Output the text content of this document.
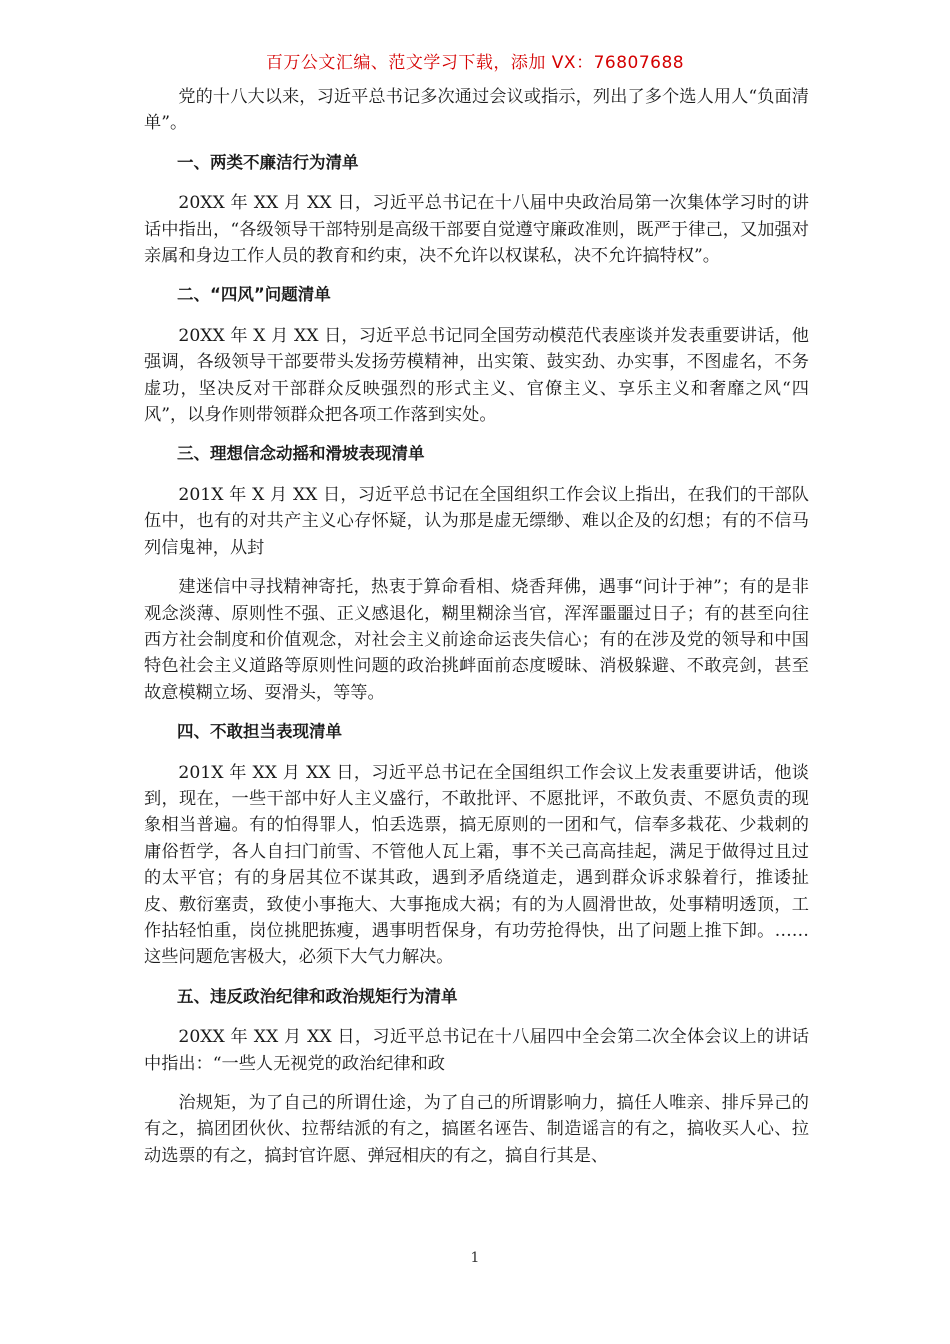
百万公文汇编、范文学习下载，添加 VX：76807688

党的十八大以来，习近平总书记多次通过会议或指示，列出了多个选人用人“负面清单”。

一、两类不廉洁行为清单

20XX 年 XX 月 XX 日，习近平总书记在十八届中央政治局第一次集体学习时的讲话中指出，“各级领导干部特别是高级干部要自觉遵守廉政准则，既严于律己，又加强对亲属和身边工作人员的教育和约束，决不允许以权谋私，决不允许搞特权”。

二、“四风”问题清单

20XX 年 X 月 XX 日，习近平总书记同全国劳动模范代表座谈并发表重要讲话，他强调，各级领导干部要带头发扬劳模精神，出实策、鼓实劲、办实事，不图虚名，不务虚功，坚决反对干部群众反映强烈的形式主义、官僚主义、享乐主义和奢靡之风“四风”，以身作则带领群众把各项工作落到实处。

三、理想信念动摇和滑坡表现清单

201X 年 X 月 XX 日，习近平总书记在全国组织工作会议上指出，在我们的干部队伍中，也有的对共产主义心存怀疑，认为那是虚无缥缈、难以企及的幻想；有的不信马列信鬼神，从封

建迷信中寻找精神寄托，热衷于算命看相、烧香拜佛，遇事“问计于神”；有的是非观念淡薄、原则性不强、正义感退化，糊里糊涂当官，浑浑噩噩过日子；有的甚至向往西方社会制度和价值观念，对社会主义前途命运丧失信心；有的在涉及党的领导和中国特色社会主义道路等原则性问题的政治挑衅面前态度暧昧、消极躲避、不敢亮剑，甚至故意模糊立场、耍滑头，等等。

四、不敢担当表现清单

201X 年 XX 月 XX 日，习近平总书记在全国组织工作会议上发表重要讲话，他谈到，现在，一些干部中好人主义盛行，不敢批评、不愿批评，不敢负责、不愿负责的现象相当普遍。有的怕得罪人，怕丢选票，搞无原则的一团和气，信奉多栽花、少栽刺的庸俗哲学，各人自扫门前雪、不管他人瓦上霜，事不关己高高挂起，满足于做得过且过的太平官；有的身居其位不谋其政，遇到矛盾绕道走，遇到群众诉求躲着行，推诿扯皮、敷衍塞责，致使小事拖大、大事拖成大祸；有的为人圆滑世故，处事精明透顶，工作拈轻怕重，岗位挑肥拣瘦，遇事明哲保身，有功劳抢得快，出了问题上推下卸。……这些问题危害极大，必须下大气力解决。

五、违反政治纪律和政治规矩行为清单

20XX 年 XX 月 XX 日，习近平总书记在十八届四中全会第二次全体会议上的讲话中指出：“一些人无视党的政治纪律和政

治规矩，为了自己的所谓仕途，为了自己的所谓影响力，搞任人唯亲、排斥异己的有之，搞团团伙伙、拉帮结派的有之，搞匿名诬告、制造谣言的有之，搞收买人心、拉动选票的有之，搞封官许愿、弹冠相庆的有之，搞自行其是、

1
